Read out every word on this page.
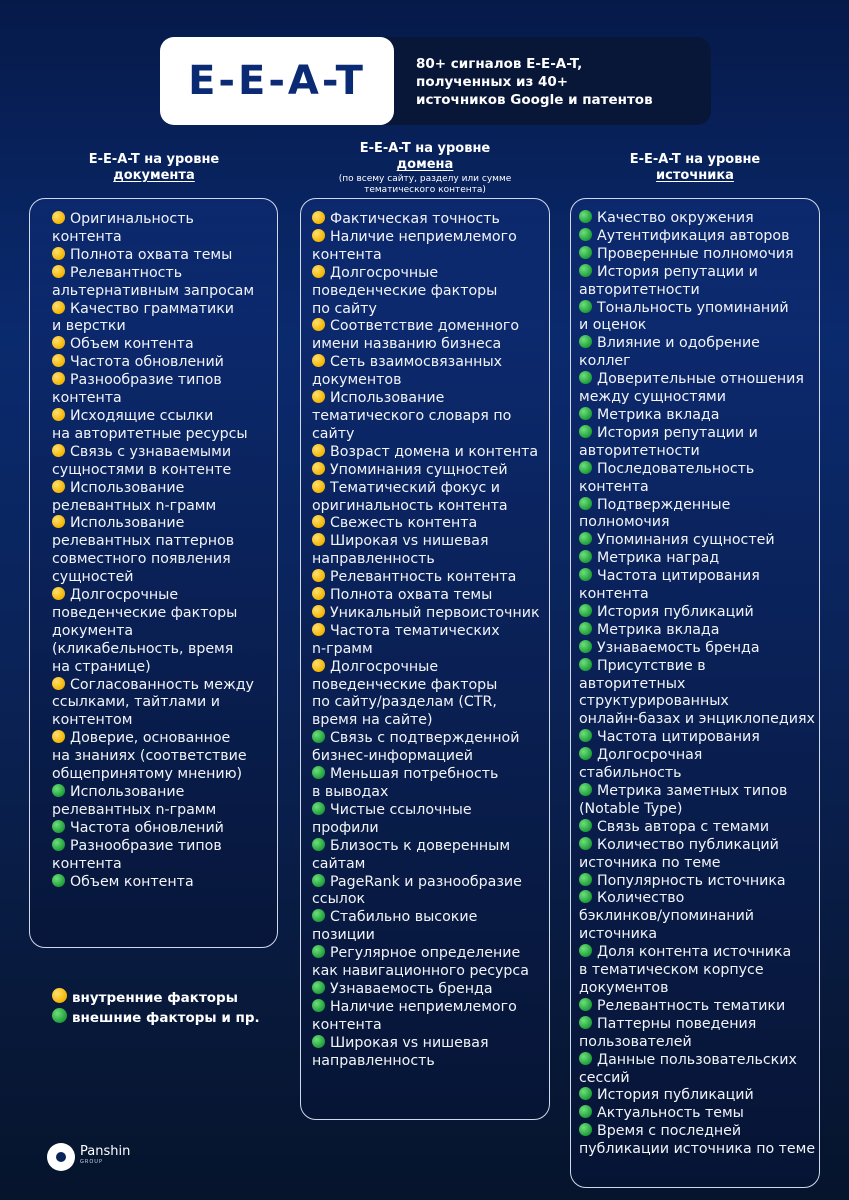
E-E-A-T	80+ сигналов E-E-A-T,
полученных из 40+
источников Google и патентов
E-E-A-T на уровне
документа
E-E-A-T на уровне
домена
(по всему сайту, разделу или сумме
тематического контента)
E-E-A-T на уровне
источника
Оригинальность
контента
Полнота охвата темы
Релевантность
альтернативным запросам
Качество грамматики
и верстки
Объем контента
Частота обновлений
Разнообразие типов
контента
Исходящие ссылки
на авторитетные ресурсы
Связь с узнаваемыми
сущностями в контенте
Использование
релевантных n-грамм
Использование
релевантных паттернов
совместного появления
сущностей
Долгосрочные
поведенческие факторы
документа
(кликабельность, время
на странице)
Согласованность между
ссылками, тайтлами и
контентом
Доверие, основанное
на знаниях (соответствие
общепринятому мнению)
Использование
релевантных n-грамм
Частота обновлений
Разнообразие типов
контента
Объем контента
Фактическая точность
Наличие неприемлемого
контента
Долгосрочные
поведенческие факторы
по сайту
Соответствие доменного
имени названию бизнеса
Сеть взаимосвязанных
документов
Использование
тематического словаря по
сайту
Возраст домена и контента
Упоминания сущностей
Тематический фокус и
оригинальность контента
Свежесть контента
Широкая vs нишевая
направленность
Релевантность контента
Полнота охвата темы
Уникальный первоисточник
Частота тематических
n-грамм
Долгосрочные
поведенческие факторы
по сайту/разделам (CTR,
время на сайте)
Связь с подтвержденной
бизнес-информацией
Меньшая потребность
в выводах
Чистые ссылочные
профили
Близость к доверенным
сайтам
PageRank и разнообразие
ссылок
Стабильно высокие
позиции
Регулярное определение
как навигационного ресурса
Узнаваемость бренда
Наличие неприемлемого
контента
Широкая vs нишевая
направленность
Качество окружения
Аутентификация авторов
Проверенные полномочия
История репутации и
авторитетности
Тональность упоминаний
и оценок
Влияние и одобрение
коллег
Доверительные отношения
между сущностями
Метрика вклада
История репутации и
авторитетности
Последовательность
контента
Подтвержденные
полномочия
Упоминания сущностей
Метрика наград
Частота цитирования
контента
История публикаций
Метрика вклада
Узнаваемость бренда
Присутствие в
авторитетных
структурированных
онлайн-базах и энциклопедиях
Частота цитирования
Долгосрочная
стабильность
Метрика заметных типов
(Notable Type)
Связь автора с темами
Количество публикаций
источника по теме
Популярность источника
Количество
бэклинков/упоминаний
источника
Доля контента источника
в тематическом корпусе
документов
Релевантность тематики
Паттерны поведения
пользователей
Данные пользовательских
сессий
История публикаций
Актуальность темы
Время с последней
публикации источника по теме
внутренние факторы
внешние факторы и пр.
Panshin
GROUP
